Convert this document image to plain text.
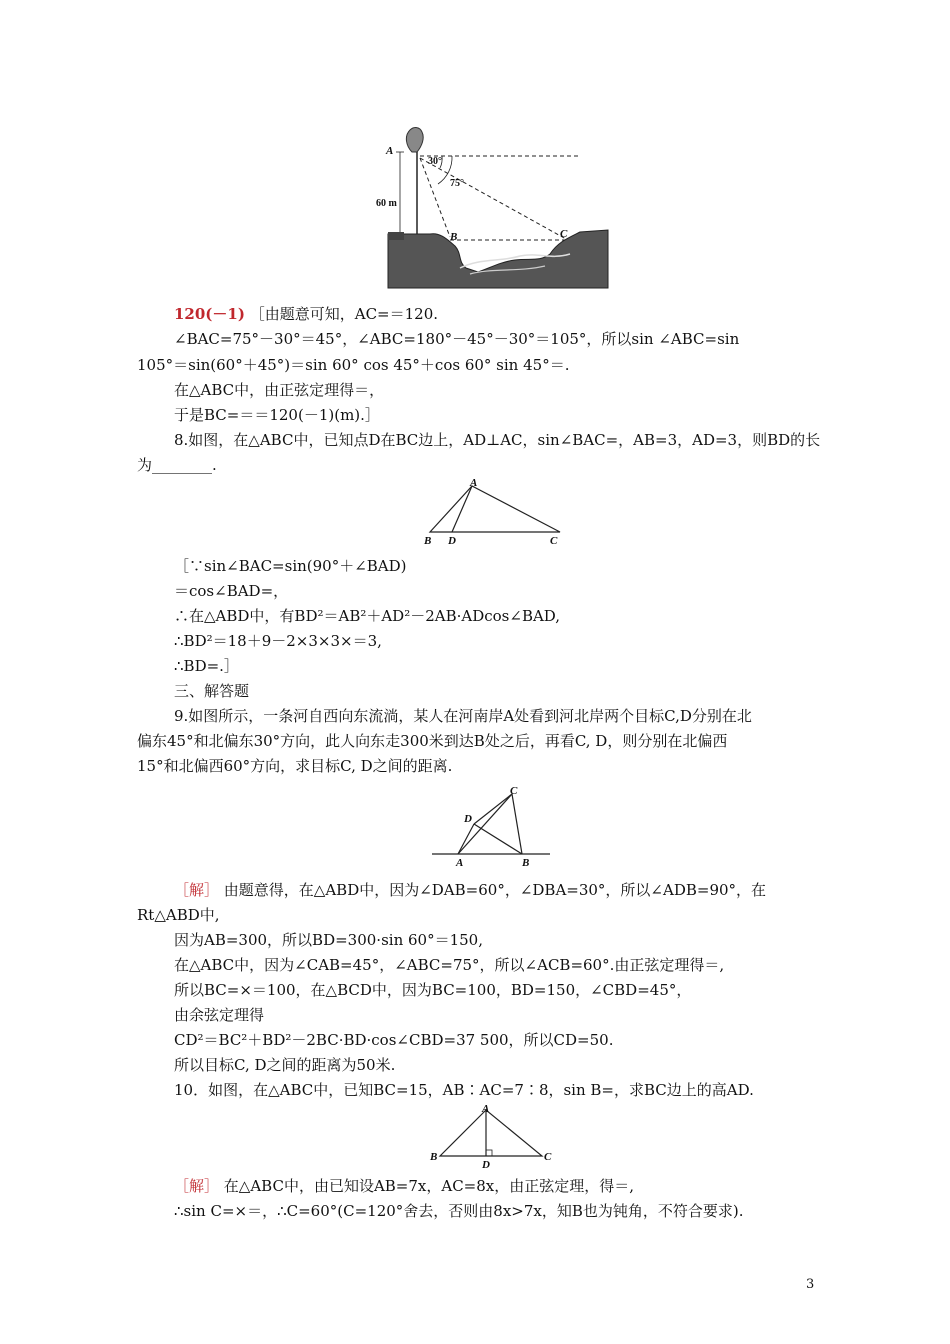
A
B	C
60 m
30°
75°
120(－1) ［由题意可知，AC=＝120.
∠BAC=75°－30°＝45°，∠ABC=180°－45°－30°＝105°，所以sin ∠ABC=sin
105°＝sin(60°＋45°)＝sin 60° cos 45°＋cos 60° sin 45°＝.
在△ABC中，由正弦定理得＝，
于是BC=＝＝120(－1)(m).］
8.如图，在△ABC中，已知点D在BC边上，AD⊥AC，sin∠BAC=，AB=3，AD=3，则BD的长
为________.
A
B D	C
［∵sin∠BAC=sin(90°＋∠BAD)
＝cos∠BAD=，
∴在△ABD中，有BD²＝AB²＋AD²－2AB·ADcos∠BAD,
∴BD²＝18＋9－2×3×3×＝3,
∴BD=.］
三、解答题
9.如图所示，一条河自西向东流淌，某人在河南岸A处看到河北岸两个目标C,D分别在北
偏东45°和北偏东30°方向，此人向东走300米到达B处之后，再看C, D，则分别在北偏西
15°和北偏西60°方向，求目标C, D之间的距离.
A	B
C
D
［解］ 由题意得，在△ABD中，因为∠DAB=60°，∠DBA=30°，所以∠ADB=90°，在
Rt△ABD中,
因为AB=300，所以BD=300·sin 60°＝150,
在△ABC中，因为∠CAB=45°，∠ABC=75°，所以∠ACB=60°.由正弦定理得＝,
所以BC=×＝100，在△BCD中，因为BC=100，BD=150，∠CBD=45°，
由余弦定理得
CD²＝BC²＋BD²－2BC·BD·cos∠CBD=37 500，所以CD=50.
所以目标C, D之间的距离为50米.
10．如图，在△ABC中，已知BC=15，AB∶AC=7∶8，sin B=，求BC边上的高AD.
A
B	C
D
［解］ 在△ABC中，由已知设AB=7x，AC=8x，由正弦定理，得＝,
∴sin C=×＝，∴C=60°(C=120°舍去，否则由8x>7x，知B也为钝角，不符合要求).
3
